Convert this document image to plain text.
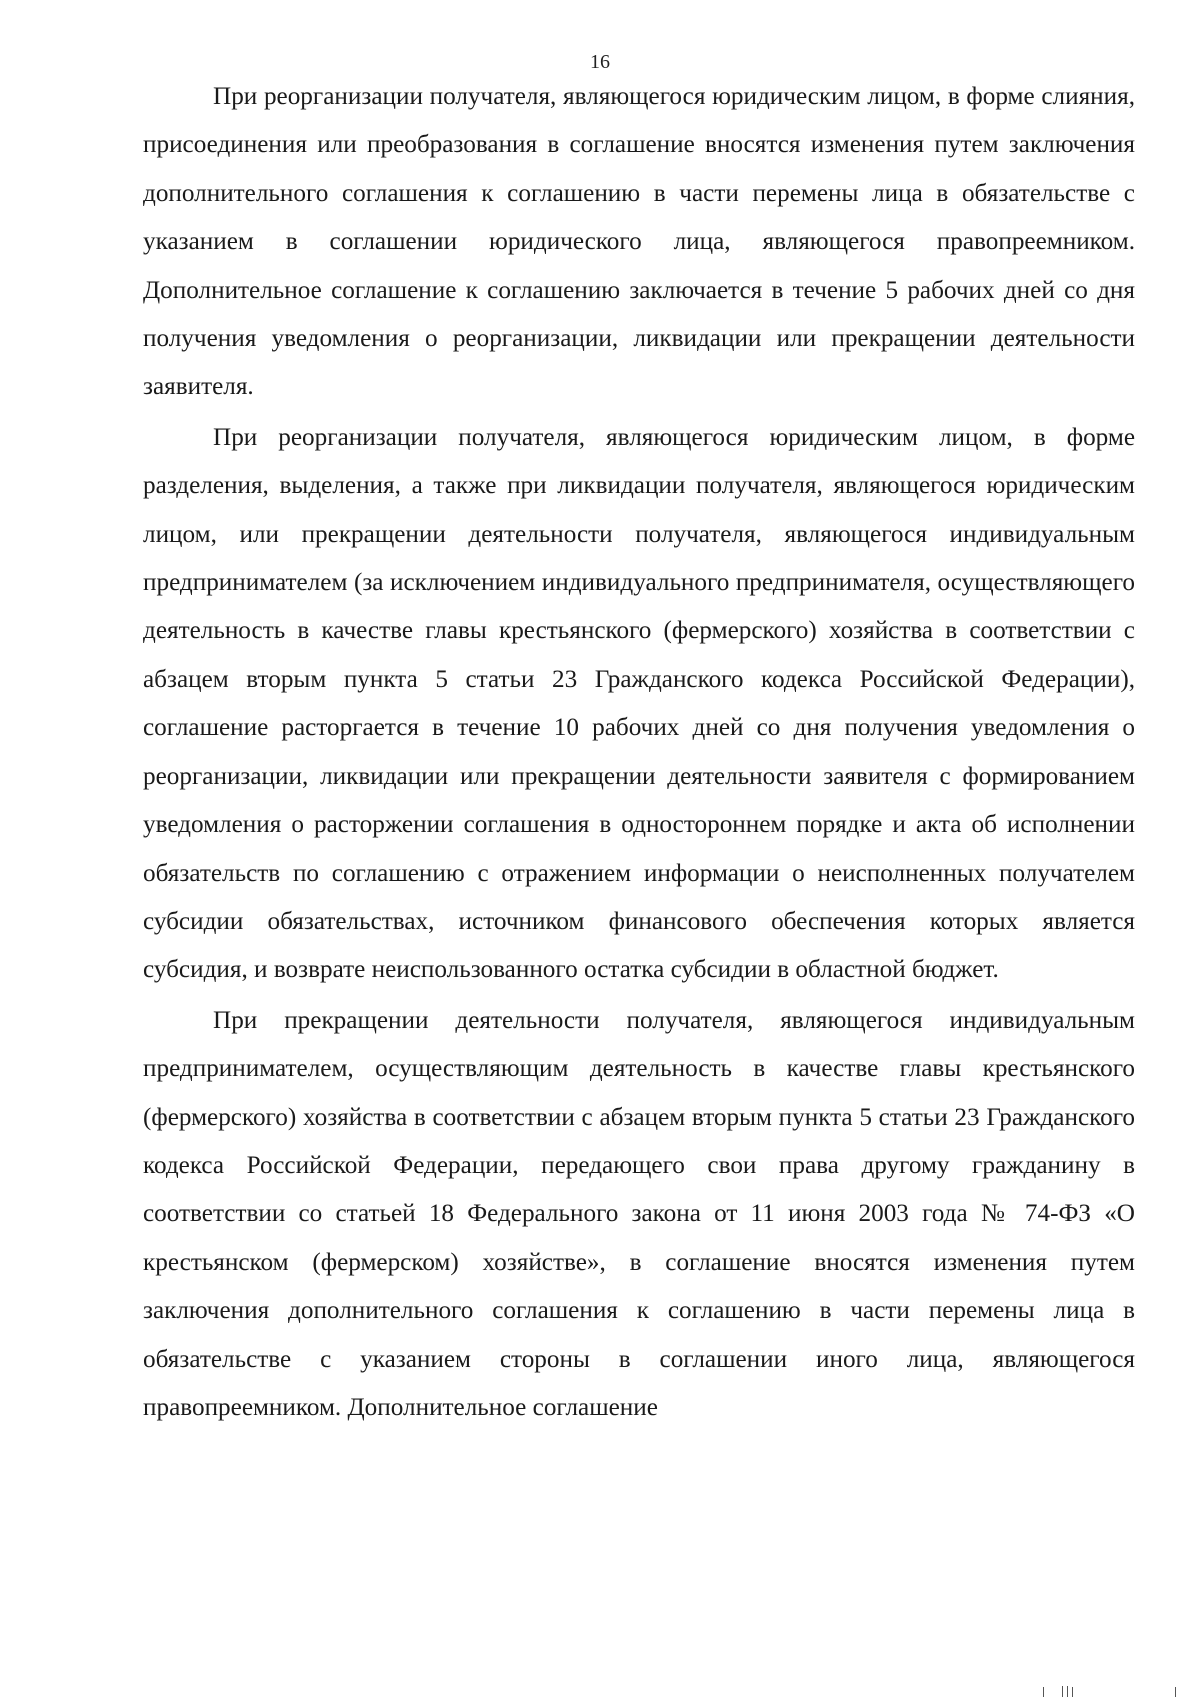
16

При реорганизации получателя, являющегося юридическим лицом, в форме слияния, присоединения или преобразования в соглашение вносятся изменения путем заключения дополнительного соглашения к соглашению в части перемены лица в обязательстве с указанием в соглашении юридического лица, являющегося правопреемником. Дополнительное соглашение к соглашению заключается в течение 5 рабочих дней со дня получения уведомления о реорганизации, ликвидации или прекращении деятельности заявителя.

При реорганизации получателя, являющегося юридическим лицом, в форме разделения, выделения, а также при ликвидации получателя, являющегося юридическим лицом, или прекращении деятельности получателя, являющегося индивидуальным предпринимателем (за исключением индивидуального предпринимателя, осуществляющего деятельность в качестве главы крестьянского (фермерского) хозяйства в соответствии с абзацем вторым пункта 5 статьи 23 Гражданского кодекса Российской Федерации), соглашение расторгается в течение 10 рабочих дней со дня получения уведомления о реорганизации, ликвидации или прекращении деятельности заявителя с формированием уведомления о расторжении соглашения в одностороннем порядке и акта об исполнении обязательств по соглашению с отражением информации о неисполненных получателем субсидии обязательствах, источником финансового обеспечения которых является субсидия, и возврате неиспользованного остатка субсидии в областной бюджет.

При прекращении деятельности получателя, являющегося индивидуальным предпринимателем, осуществляющим деятельность в качестве главы крестьянского (фермерского) хозяйства в соответствии с абзацем вторым пункта 5 статьи 23 Гражданского кодекса Российской Федерации, передающего свои права другому гражданину в соответствии со статьей 18 Федерального закона от 11 июня 2003 года № 74-ФЗ «О крестьянском (фермерском) хозяйстве», в соглашение вносятся изменения путем заключения дополнительного соглашения к соглашению в части перемены лица в обязательстве с указанием стороны в соглашении иного лица, являющегося правопреемником. Дополнительное соглашение
